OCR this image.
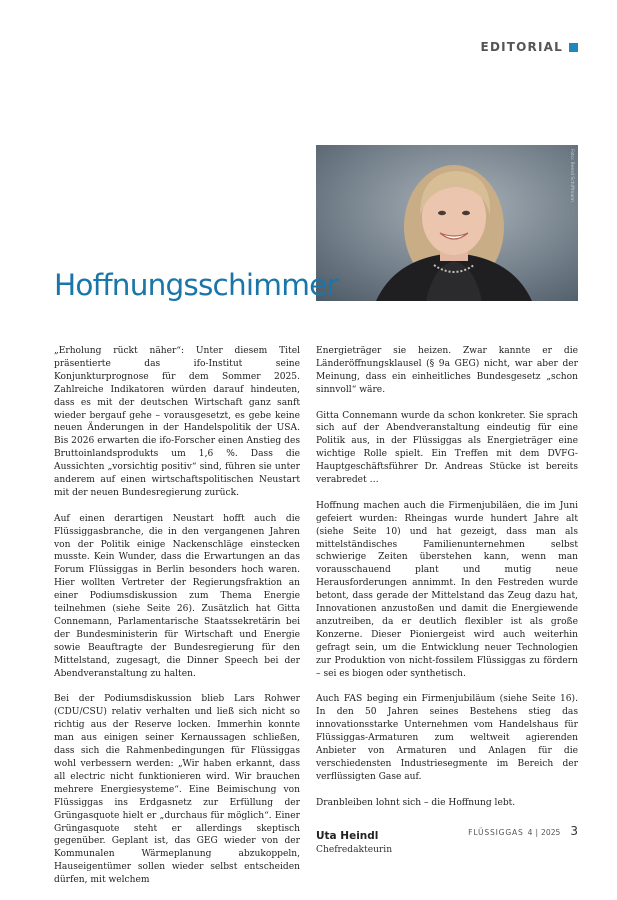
EDITORIAL
Foto: Bernd Schiffmann
Hoffnungsschimmer

„Erholung rückt näher“: Unter diesem Titel präsentierte das ifo-Institut seine Konjunkturprognose für dem Sommer 2025. Zahlreiche Indikatoren würden darauf hindeuten, dass es mit der deutschen Wirtschaft ganz sanft wieder bergauf gehe – vorausgesetzt, es gebe keine neuen Änderungen in der Handelspolitik der USA. Bis 2026 erwarten die ifo-Forscher einen Anstieg des Bruttoinlandsprodukts um 1,6 %. Dass die Aussichten „vorsichtig positiv“ sind, führen sie unter anderem auf einen wirtschaftspolitischen Neustart mit der neuen Bundesregierung zurück.

Auf einen derartigen Neustart hofft auch die Flüssiggasbranche, die in den vergangenen Jahren von der Politik einige Nackenschläge einstecken musste. Kein Wunder, dass die Erwartungen an das Forum Flüssiggas in Berlin besonders hoch waren. Hier wollten Vertreter der Regierungsfraktion an einer Podiumsdiskussion zum Thema Energie teilnehmen (siehe Seite 26). Zusätzlich hat Gitta Connemann, Parlamentarische Staatssekretärin bei der Bundesministerin für Wirtschaft und Energie sowie Beauftragte der Bundesregierung für den Mittelstand, zugesagt, die Dinner Speech bei der Abendveranstaltung zu halten.

Bei der Podiumsdiskussion blieb Lars Rohwer (CDU/CSU) relativ verhalten und ließ sich nicht so richtig aus der Reserve locken. Immerhin konnte man aus einigen seiner Kernaussagen schließen, dass sich die Rahmenbedingungen für Flüssiggas wohl verbessern werden: „Wir haben erkannt, dass all electric nicht funktionieren wird. Wir brauchen mehrere Energiesysteme“. Eine Beimischung von Flüssiggas ins Erdgasnetz zur Erfüllung der Grüngasquote hielt er „durchaus für möglich“. Einer Grüngasquote steht er allerdings skeptisch gegenüber. Geplant ist, das GEG wieder von der Kommunalen Wärmeplanung abzukoppeln, Hauseigentümer sollen wieder selbst entscheiden dürfen, mit welchem

Energieträger sie heizen. Zwar kannte er die Länderöffnungsklausel (§ 9a GEG) nicht, war aber der Meinung, dass ein einheitliches Bundesgesetz „schon sinnvoll“ wäre.

Gitta Connemann wurde da schon konkreter. Sie sprach sich auf der Abendveranstaltung eindeutig für eine Politik aus, in der Flüssiggas als Energieträger eine wichtige Rolle spielt. Ein Treffen mit dem DVFG-Hauptgeschäftsführer Dr. Andreas Stücke ist bereits verabredet …

Hoffnung machen auch die Firmenjubiläen, die im Juni gefeiert wurden: Rheingas wurde hundert Jahre alt (siehe Seite 10) und hat gezeigt, dass man als mittelständisches Familienunternehmen selbst schwierige Zeiten überstehen kann, wenn man vorausschauend plant und mutig neue Herausforderungen annimmt. In den Festreden wurde betont, dass gerade der Mittelstand das Zeug dazu hat, Innovationen anzustoßen und damit die Energiewende anzutreiben, da er deutlich flexibler ist als große Konzerne. Dieser Pioniergeist wird auch weiterhin gefragt sein, um die Entwicklung neuer Technologien zur Produktion von nicht-fossilem Flüssiggas zu fördern – sei es biogen oder synthetisch.

Auch FAS beging ein Firmenjubiläum (siehe Seite 16). In den 50 Jahren seines Bestehens stieg das innovationsstarke Unternehmen vom Handelshaus für Flüssiggas-Armaturen zum weltweit agierenden Anbieter von Armaturen und Anlagen für die verschiedensten Industriesegmente im Bereich der verflüssigten Gase auf.

Dranbleiben lohnt sich – die Hoffnung lebt.

Uta Heindl
Chefredakteurin
FLÜSSIGGAS 4 | 2025 3
